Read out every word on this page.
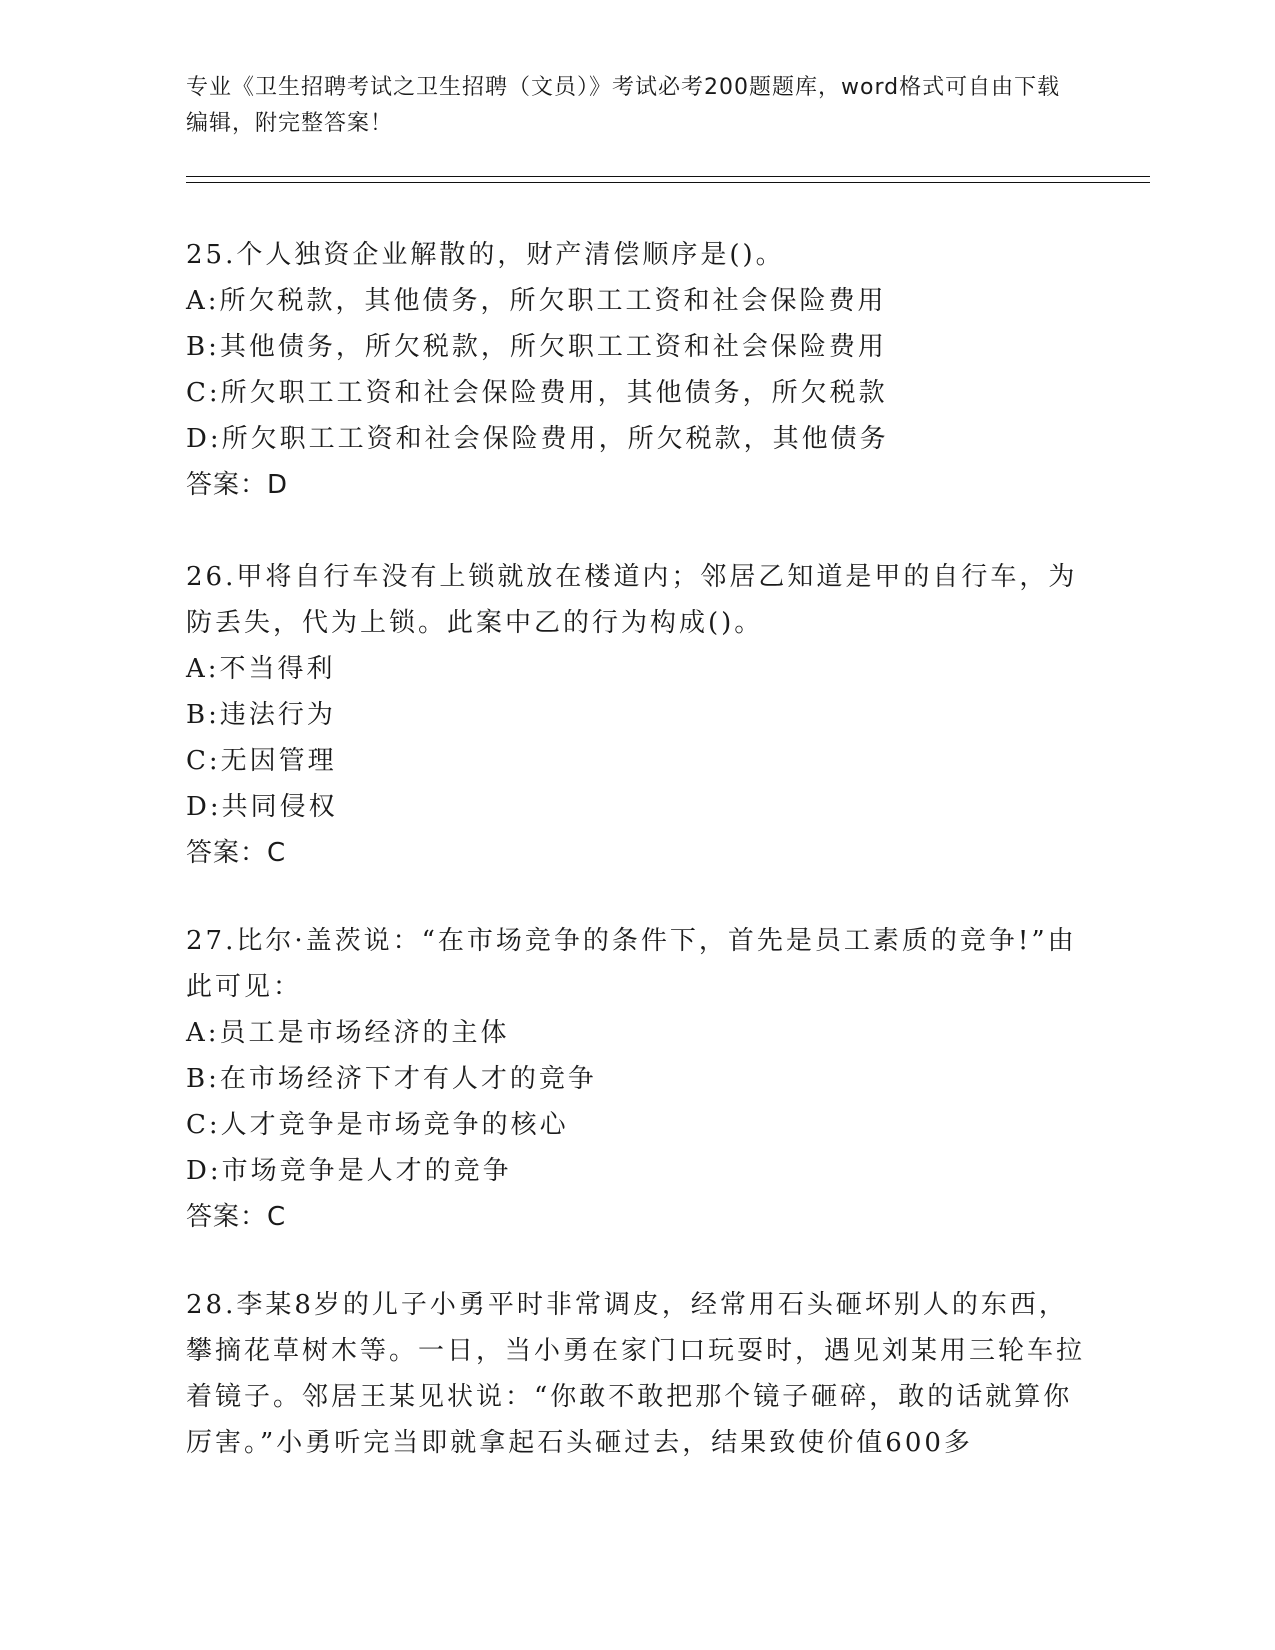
专业《卫生招聘考试之卫生招聘（文员）》考试必考200题题库，word格式可自由下载编辑，附完整答案！

25.个人独资企业解散的，财产清偿顺序是()。

A:所欠税款，其他债务，所欠职工工资和社会保险费用

B:其他债务，所欠税款，所欠职工工资和社会保险费用

C:所欠职工工资和社会保险费用，其他债务，所欠税款

D:所欠职工工资和社会保险费用，所欠税款，其他债务

答案：D

26.甲将自行车没有上锁就放在楼道内；邻居乙知道是甲的自行车，为防丢失，代为上锁。此案中乙的行为构成()。

A:不当得利

B:违法行为

C:无因管理

D:共同侵权

答案：C

27.比尔·盖茨说：“在市场竞争的条件下，首先是员工素质的竞争!”由此可见：

A:员工是市场经济的主体

B:在市场经济下才有人才的竞争

C:人才竞争是市场竞争的核心

D:市场竞争是人才的竞争

答案：C

28.李某8岁的儿子小勇平时非常调皮，经常用石头砸坏别人的东西，攀摘花草树木等。一日，当小勇在家门口玩耍时，遇见刘某用三轮车拉着镜子。邻居王某见状说：“你敢不敢把那个镜子砸碎，敢的话就算你厉害。”小勇听完当即就拿起石头砸过去，结果致使价值600多
